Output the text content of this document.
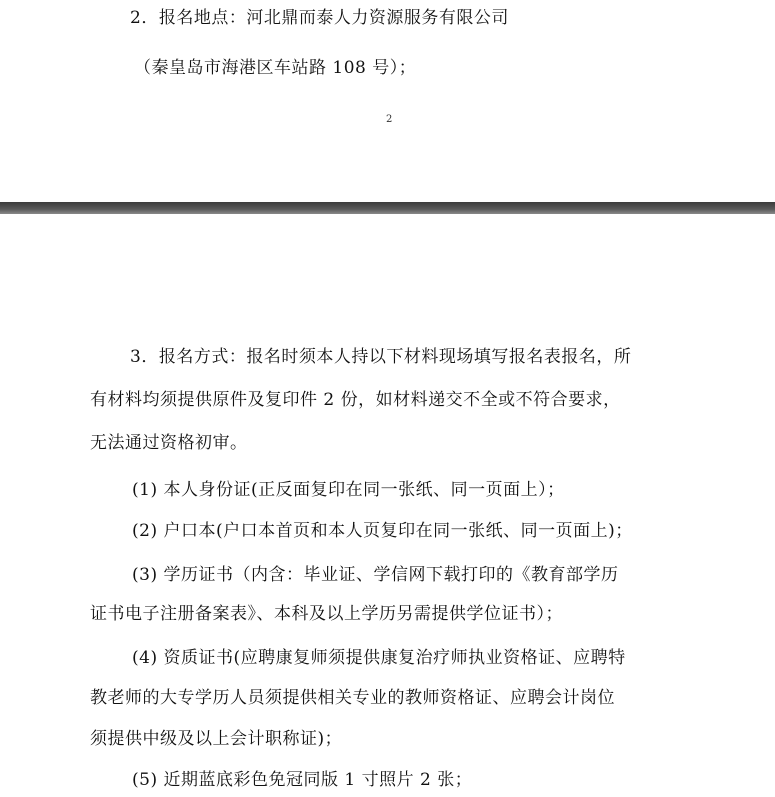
2．报名地点：河北鼎而泰人力资源服务有限公司
（秦皇岛市海港区车站路 108 号）；
2
3．报名方式：报名时须本人持以下材料现场填写报名表报名，所
有材料均须提供原件及复印件 2 份，如材料递交不全或不符合要求，
无法通过资格初审。
(1) 本人身份证(正反面复印在同一张纸、同一页面上）；
(2) 户口本(户口本首页和本人页复印在同一张纸、同一页面上)；
(3) 学历证书（内含：毕业证、学信网下载打印的《教育部学历
证书电子注册备案表》、本科及以上学历另需提供学位证书）；
(4) 资质证书(应聘康复师须提供康复治疗师执业资格证、应聘特
教老师的大专学历人员须提供相关专业的教师资格证、应聘会计岗位
须提供中级及以上会计职称证)；
(5) 近期蓝底彩色免冠同版 1 寸照片 2 张；
